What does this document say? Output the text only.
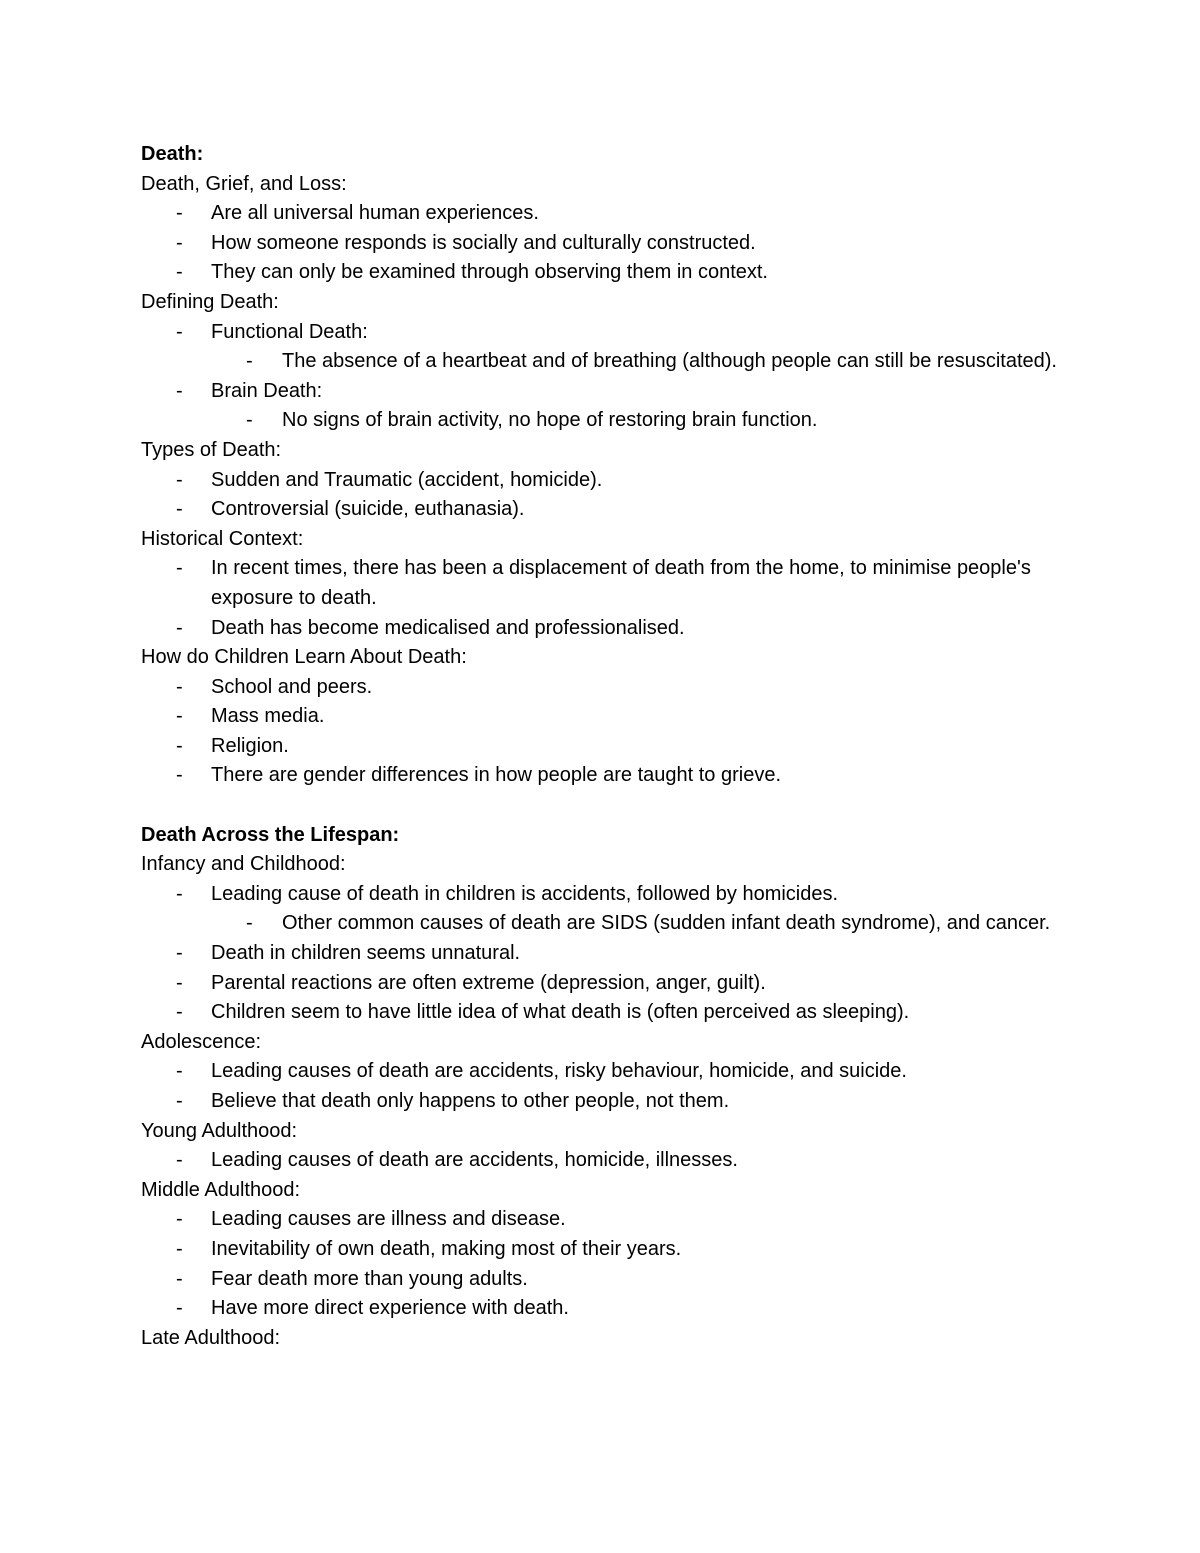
Death:

Death, Grief, and Loss:

- Are all universal human experiences.
- How someone responds is socially and culturally constructed.
- They can only be examined through observing them in context.

Defining Death:

- Functional Death:
- The absence of a heartbeat and of breathing (although people can still be resuscitated).
- Brain Death:
- No signs of brain activity, no hope of restoring brain function.

Types of Death:

- Sudden and Traumatic (accident, homicide).
- Controversial (suicide, euthanasia).

Historical Context:

- In recent times, there has been a displacement of death from the home, to minimise people's exposure to death.
- Death has become medicalised and professionalised.

How do Children Learn About Death:

- School and peers.
- Mass media.
- Religion.
- There are gender differences in how people are taught to grieve.

Death Across the Lifespan:

Infancy and Childhood:

- Leading cause of death in children is accidents, followed by homicides.
- Other common causes of death are SIDS (sudden infant death syndrome), and cancer.
- Death in children seems unnatural.
- Parental reactions are often extreme (depression, anger, guilt).
- Children seem to have little idea of what death is (often perceived as sleeping).

Adolescence:

- Leading causes of death are accidents, risky behaviour, homicide, and suicide.
- Believe that death only happens to other people, not them.

Young Adulthood:

- Leading causes of death are accidents, homicide, illnesses.

Middle Adulthood:

- Leading causes are illness and disease.
- Inevitability of own death, making most of their years.
- Fear death more than young adults.
- Have more direct experience with death.

Late Adulthood:
